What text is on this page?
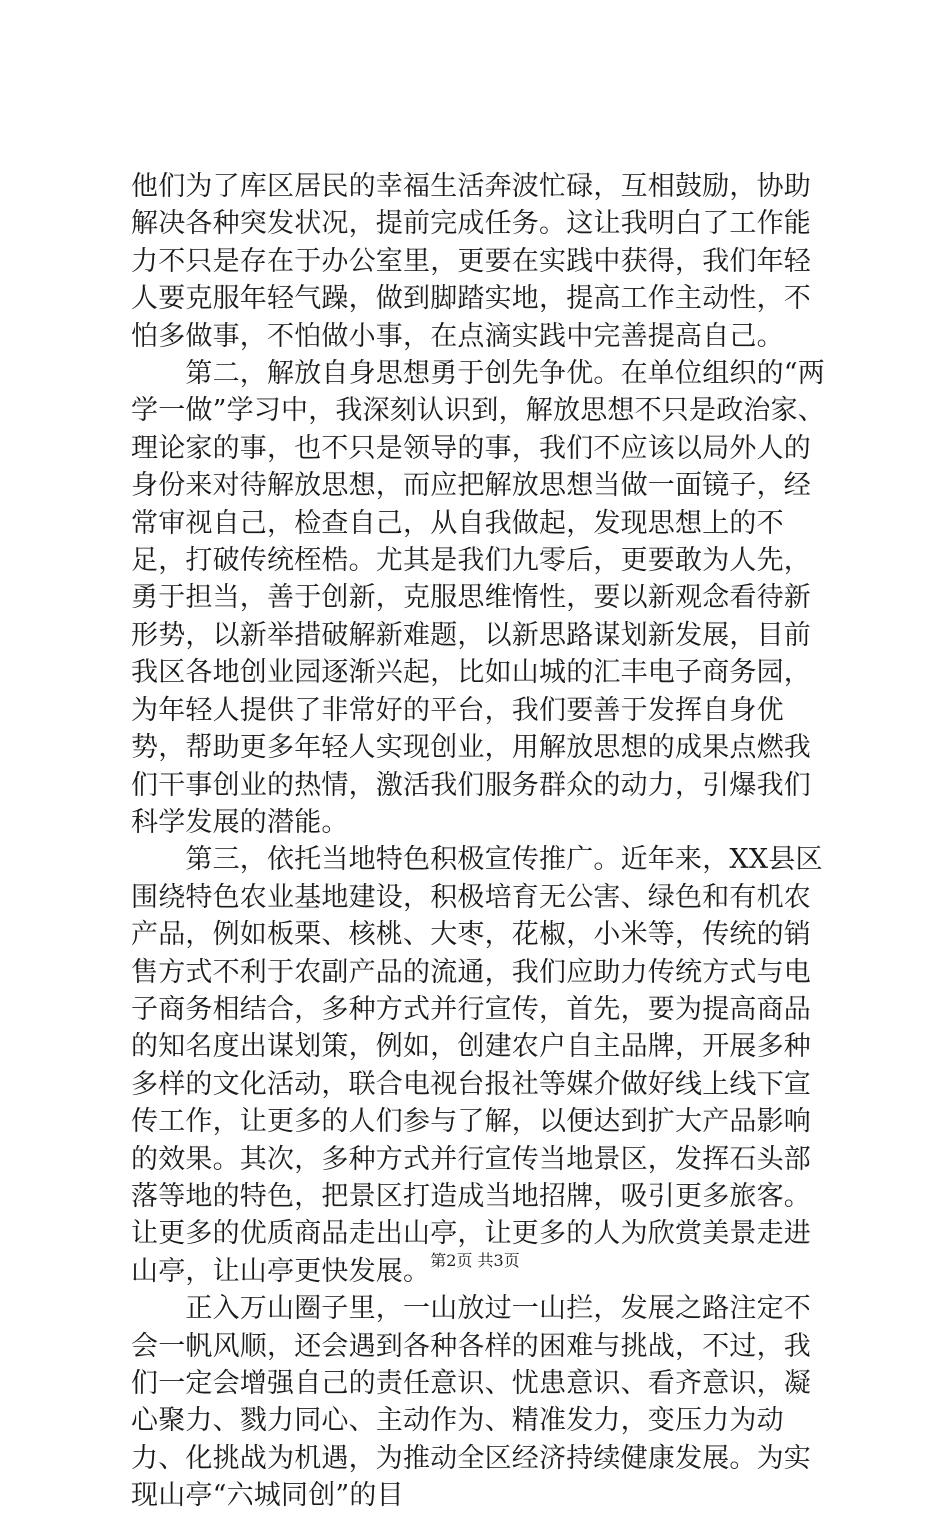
他们为了库区居民的幸福生活奔波忙碌，互相鼓励，协助解决各种突发状况，提前完成任务。这让我明白了工作能力不只是存在于办公室里，更要在实践中获得，我们年轻人要克服年轻气躁，做到脚踏实地，提高工作主动性，不怕多做事，不怕做小事，在点滴实践中完善提高自己。

　　第二，解放自身思想勇于创先争优。在单位组织的“两学一做”学习中，我深刻认识到，解放思想不只是政治家、理论家的事，也不只是领导的事，我们不应该以局外人的身份来对待解放思想，而应把解放思想当做一面镜子，经常审视自己，检查自己，从自我做起，发现思想上的不足，打破传统桎梏。尤其是我们九零后，更要敢为人先，勇于担当，善于创新，克服思维惰性，要以新观念看待新形势，以新举措破解新难题，以新思路谋划新发展，目前我区各地创业园逐渐兴起，比如山城的汇丰电子商务园，为年轻人提供了非常好的平台，我们要善于发挥自身优势，帮助更多年轻人实现创业，用解放思想的成果点燃我们干事创业的热情，激活我们服务群众的动力，引爆我们科学发展的潜能。

　　第三，依托当地特色积极宣传推广。近年来，XX县区围绕特色农业基地建设，积极培育无公害、绿色和有机农产品，例如板栗、核桃、大枣，花椒，小米等，传统的销售方式不利于农副产品的流通，我们应助力传统方式与电子商务相结合，多种方式并行宣传，首先，要为提高商品的知名度出谋划策，例如，创建农户自主品牌，开展多种多样的文化活动，联合电视台报社等媒介做好线上线下宣传工作，让更多的人们参与了解，以便达到扩大产品影响的效果。其次，多种方式并行宣传当地景区，发挥石头部落等地的特色，把景区打造成当地招牌，吸引更多旅客。让更多的优质商品走出山亭，让更多的人为欣赏美景走进山亭，让山亭更快发展。

　　正入万山圈子里，一山放过一山拦，发展之路注定不会一帆风顺，还会遇到各种各样的困难与挑战，不过，我们一定会增强自己的责任意识、忧患意识、看齐意识，凝心聚力、戮力同心、主动作为、精准发力，变压力为动力、化挑战为机遇，为推动全区经济持续健康发展。为实现山亭“六城同创”的目

第2页 共3页
